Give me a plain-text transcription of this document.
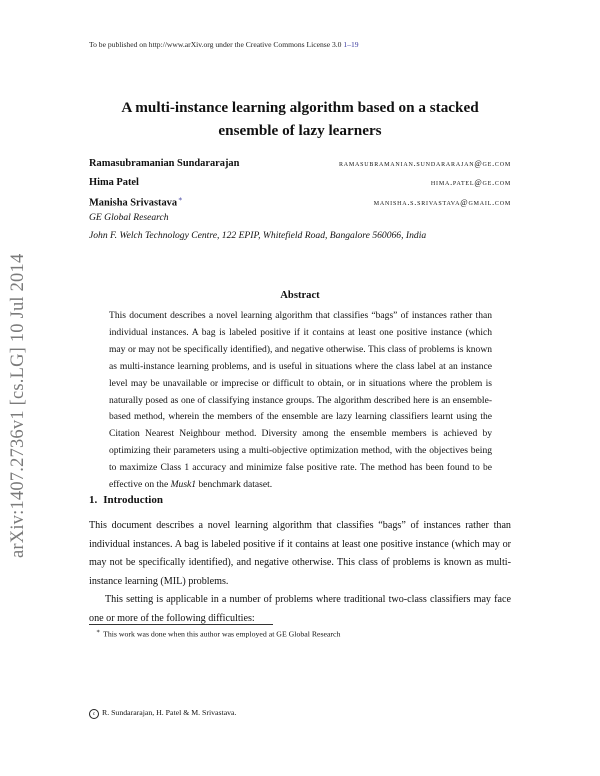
To be published on http://www.arXiv.org under the Creative Commons License 3.0 1–19
arXiv:1407.2736v1 [cs.LG] 10 Jul 2014
A multi-instance learning algorithm based on a stacked ensemble of lazy learners
Ramasubramanian Sundararajan	ramasubramanian.sundararajan@ge.com
Hima Patel	hima.patel@ge.com
Manisha Srivastava∗	manisha.s.srivastava@gmail.com
GE Global Research
John F. Welch Technology Centre, 122 EPIP, Whitefield Road, Bangalore 560066, India
Abstract

This document describes a novel learning algorithm that classifies “bags” of instances rather than individual instances. A bag is labeled positive if it contains at least one positive instance (which may or may not be specifically identified), and negative otherwise. This class of problems is known as multi-instance learning problems, and is useful in situations where the class label at an instance level may be unavailable or imprecise or difficult to obtain, or in situations where the problem is naturally posed as one of classifying instance groups. The algorithm described here is an ensemble-based method, wherein the members of the ensemble are lazy learning classifiers learnt using the Citation Nearest Neighbour method. Diversity among the ensemble members is achieved by optimizing their parameters using a multi-objective optimization method, with the objectives being to maximize Class 1 accuracy and minimize false positive rate. The method has been found to be effective on the Musk1 benchmark dataset.

1. Introduction

This document describes a novel learning algorithm that classifies “bags” of instances rather than individual instances. A bag is labeled positive if it contains at least one positive instance (which may or may not be specifically identified), and negative otherwise. This class of problems is known as multi-instance learning (MIL) problems.

This setting is applicable in a number of problems where traditional two-class classifiers may face one or more of the following difficulties:

∗ This work was done when this author was employed at GE Global Research
c R. Sundararajan, H. Patel & M. Srivastava.
